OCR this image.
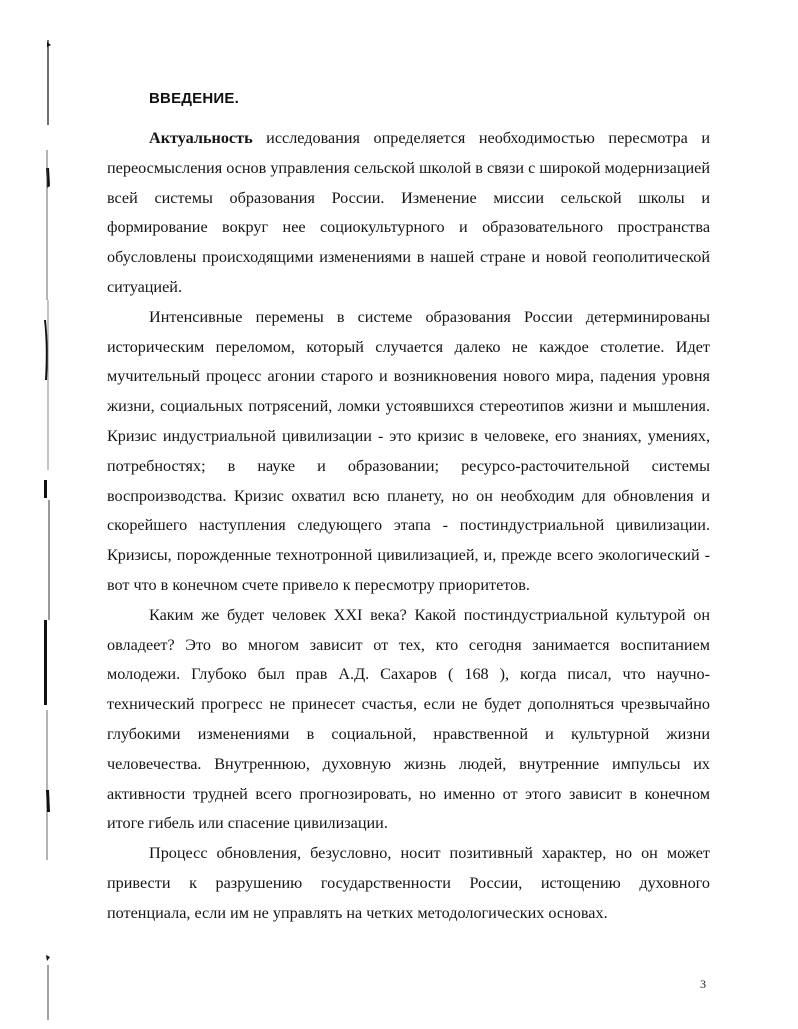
ВВЕДЕНИЕ.

Актуальность исследования определяется необходимостью пересмотра и переосмысления основ управления сельской школой в связи с широкой модернизацией всей системы образования России. Изменение миссии сельской школы и формирование вокруг нее социокультурного и образовательного пространства обусловлены происходящими изменениями в нашей стране и новой геополитической ситуацией.

Интенсивные перемены в системе образования России детерминированы историческим переломом, который случается далеко не каждое столетие. Идет мучительный процесс агонии старого и возникновения нового мира, падения уровня жизни, социальных потрясений, ломки устоявшихся стереотипов жизни и мышления. Кризис индустриальной цивилизации - это кризис в человеке, его знаниях, умениях, потребностях; в науке и образовании; ресурсо-расточительной системы воспроизводства. Кризис охватил всю планету, но он необходим для обновления и скорейшего наступления следующего этапа - постиндустриальной цивилизации. Кризисы, порожденные технотронной цивилизацией, и, прежде всего экологический - вот что в конечном счете привело к пересмотру приоритетов.

Каким же будет человек XXI века? Какой постиндустриальной культурой он овладеет? Это во многом зависит от тех, кто сегодня занимается воспитанием молодежи. Глубоко был прав А.Д. Сахаров ( 168 ), когда писал, что научно-технический прогресс не принесет счастья, если не будет дополняться чрезвычайно глубокими изменениями в социальной, нравственной и культурной жизни человечества. Внутреннюю, духовную жизнь людей, внутренние импульсы их активности трудней всего прогнозировать, но именно от этого зависит в конечном итоге гибель или спасение цивилизации.

Процесс обновления, безусловно, носит позитивный характер, но он может привести к разрушению государственности России, истощению духовного потенциала, если им не управлять на четких методологических основах.

3
